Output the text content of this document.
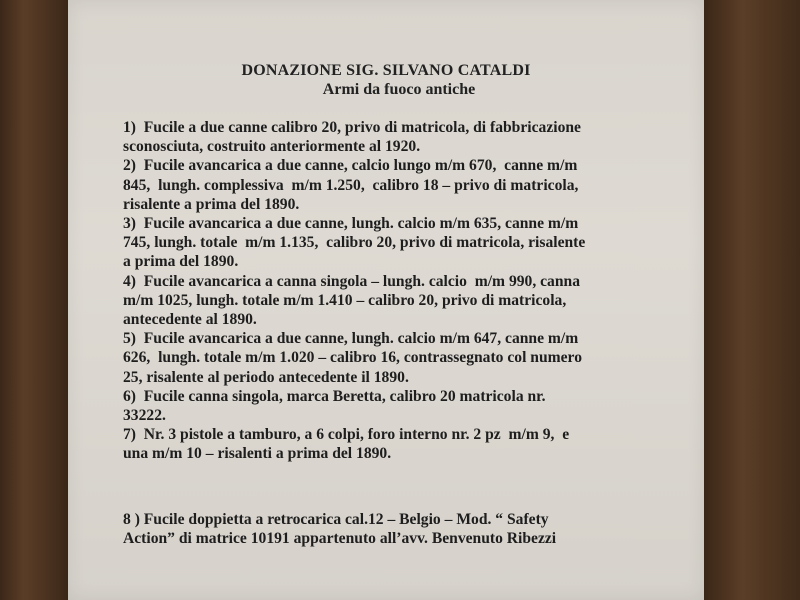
DONAZIONE SIG. SILVANO CATALDI
Armi da fuoco antiche

1)  Fucile a due canne calibro 20, privo di matricola, di fabbricazione

sconosciuta, costruito anteriormente al 1920.

2)  Fucile avancarica a due canne, calcio lungo m/m 670,  canne m/m

845,  lungh. complessiva  m/m 1.250,  calibro 18 – privo di matricola,

risalente a prima del 1890.

3)  Fucile avancarica a due canne, lungh. calcio m/m 635, canne m/m

745, lungh. totale  m/m 1.135,  calibro 20, privo di matricola, risalente

a prima del 1890.

4)  Fucile avancarica a canna singola – lungh. calcio  m/m 990, canna

m/m 1025, lungh. totale m/m 1.410 – calibro 20, privo di matricola,

antecedente al 1890.

5)  Fucile avancarica a due canne, lungh. calcio m/m 647, canne m/m

626,  lungh. totale m/m 1.020 – calibro 16, contrassegnato col numero

25, risalente al periodo antecedente il 1890.

6)  Fucile canna singola, marca Beretta, calibro 20 matricola nr.

33222.

7)  Nr. 3 pistole a tamburo, a 6 colpi, foro interno nr. 2 pz  m/m 9,  e

una m/m 10 – risalenti a prima del 1890.

8 ) Fucile doppietta a retrocarica cal.12 – Belgio – Mod. “ Safety

Action” di matrice 10191 appartenuto all’avv. Benvenuto Ribezzi
